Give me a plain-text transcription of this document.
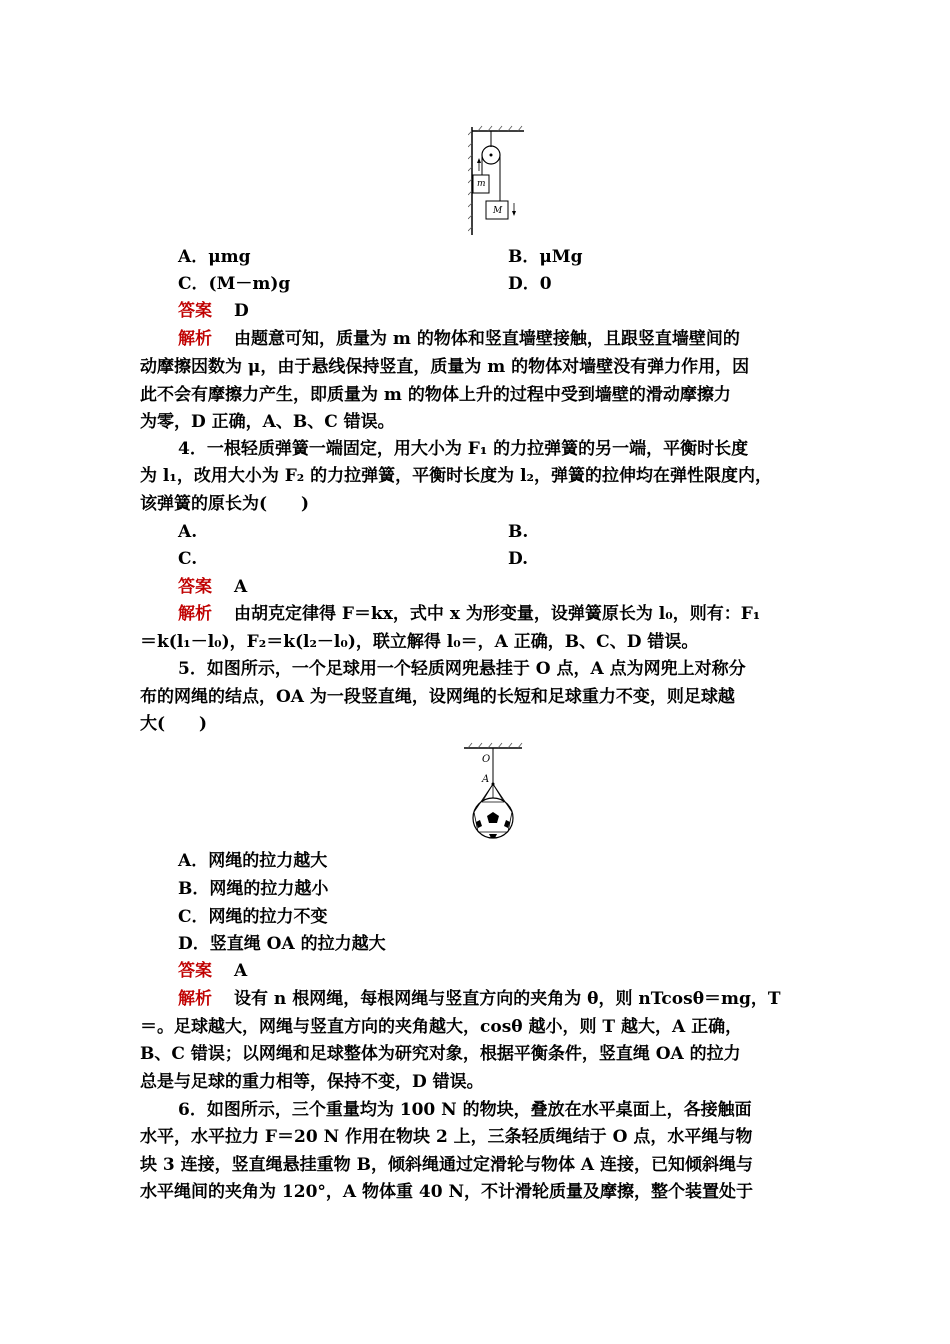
m
M
A．μmg	B．μMg
C．(M－m)g	D．0
答案 D
解析 由题意可知，质量为 m 的物体和竖直墙壁接触，且跟竖直墙壁间的
动摩擦因数为 μ，由于悬线保持竖直，质量为 m 的物体对墙壁没有弹力作用，因
此不会有摩擦力产生，即质量为 m 的物体上升的过程中受到墙壁的滑动摩擦力
为零，D 正确，A、B、C 错误。
4．一根轻质弹簧一端固定，用大小为 F₁ 的力拉弹簧的另一端，平衡时长度
为 l₁，改用大小为 F₂ 的力拉弹簧，平衡时长度为 l₂，弹簧的拉伸均在弹性限度内，
该弹簧的原长为(　　)
A.	B.
C.	D.
答案 A
解析 由胡克定律得 F＝kx，式中 x 为形变量，设弹簧原长为 l₀，则有：F₁
＝k(l₁－l₀)，F₂＝k(l₂－l₀)，联立解得 l₀＝，A 正确，B、C、D 错误。
5．如图所示，一个足球用一个轻质网兜悬挂于 O 点，A 点为网兜上对称分
布的网绳的结点，OA 为一段竖直绳，设网绳的长短和足球重力不变，则足球越
大(　　)
O
A
A．网绳的拉力越大
B．网绳的拉力越小
C．网绳的拉力不变
D．竖直绳 OA 的拉力越大
答案 A
解析 设有 n 根网绳，每根网绳与竖直方向的夹角为 θ，则 nTcosθ＝mg，T
＝。足球越大，网绳与竖直方向的夹角越大，cosθ 越小，则 T 越大，A 正确，
B、C 错误；以网绳和足球整体为研究对象，根据平衡条件，竖直绳 OA 的拉力
总是与足球的重力相等，保持不变，D 错误。
6．如图所示，三个重量均为 100 N 的物块，叠放在水平桌面上，各接触面
水平，水平拉力 F＝20 N 作用在物块 2 上，三条轻质绳结于 O 点，水平绳与物
块 3 连接，竖直绳悬挂重物 B，倾斜绳通过定滑轮与物体 A 连接，已知倾斜绳与
水平绳间的夹角为 120°，A 物体重 40 N，不计滑轮质量及摩擦，整个装置处于
